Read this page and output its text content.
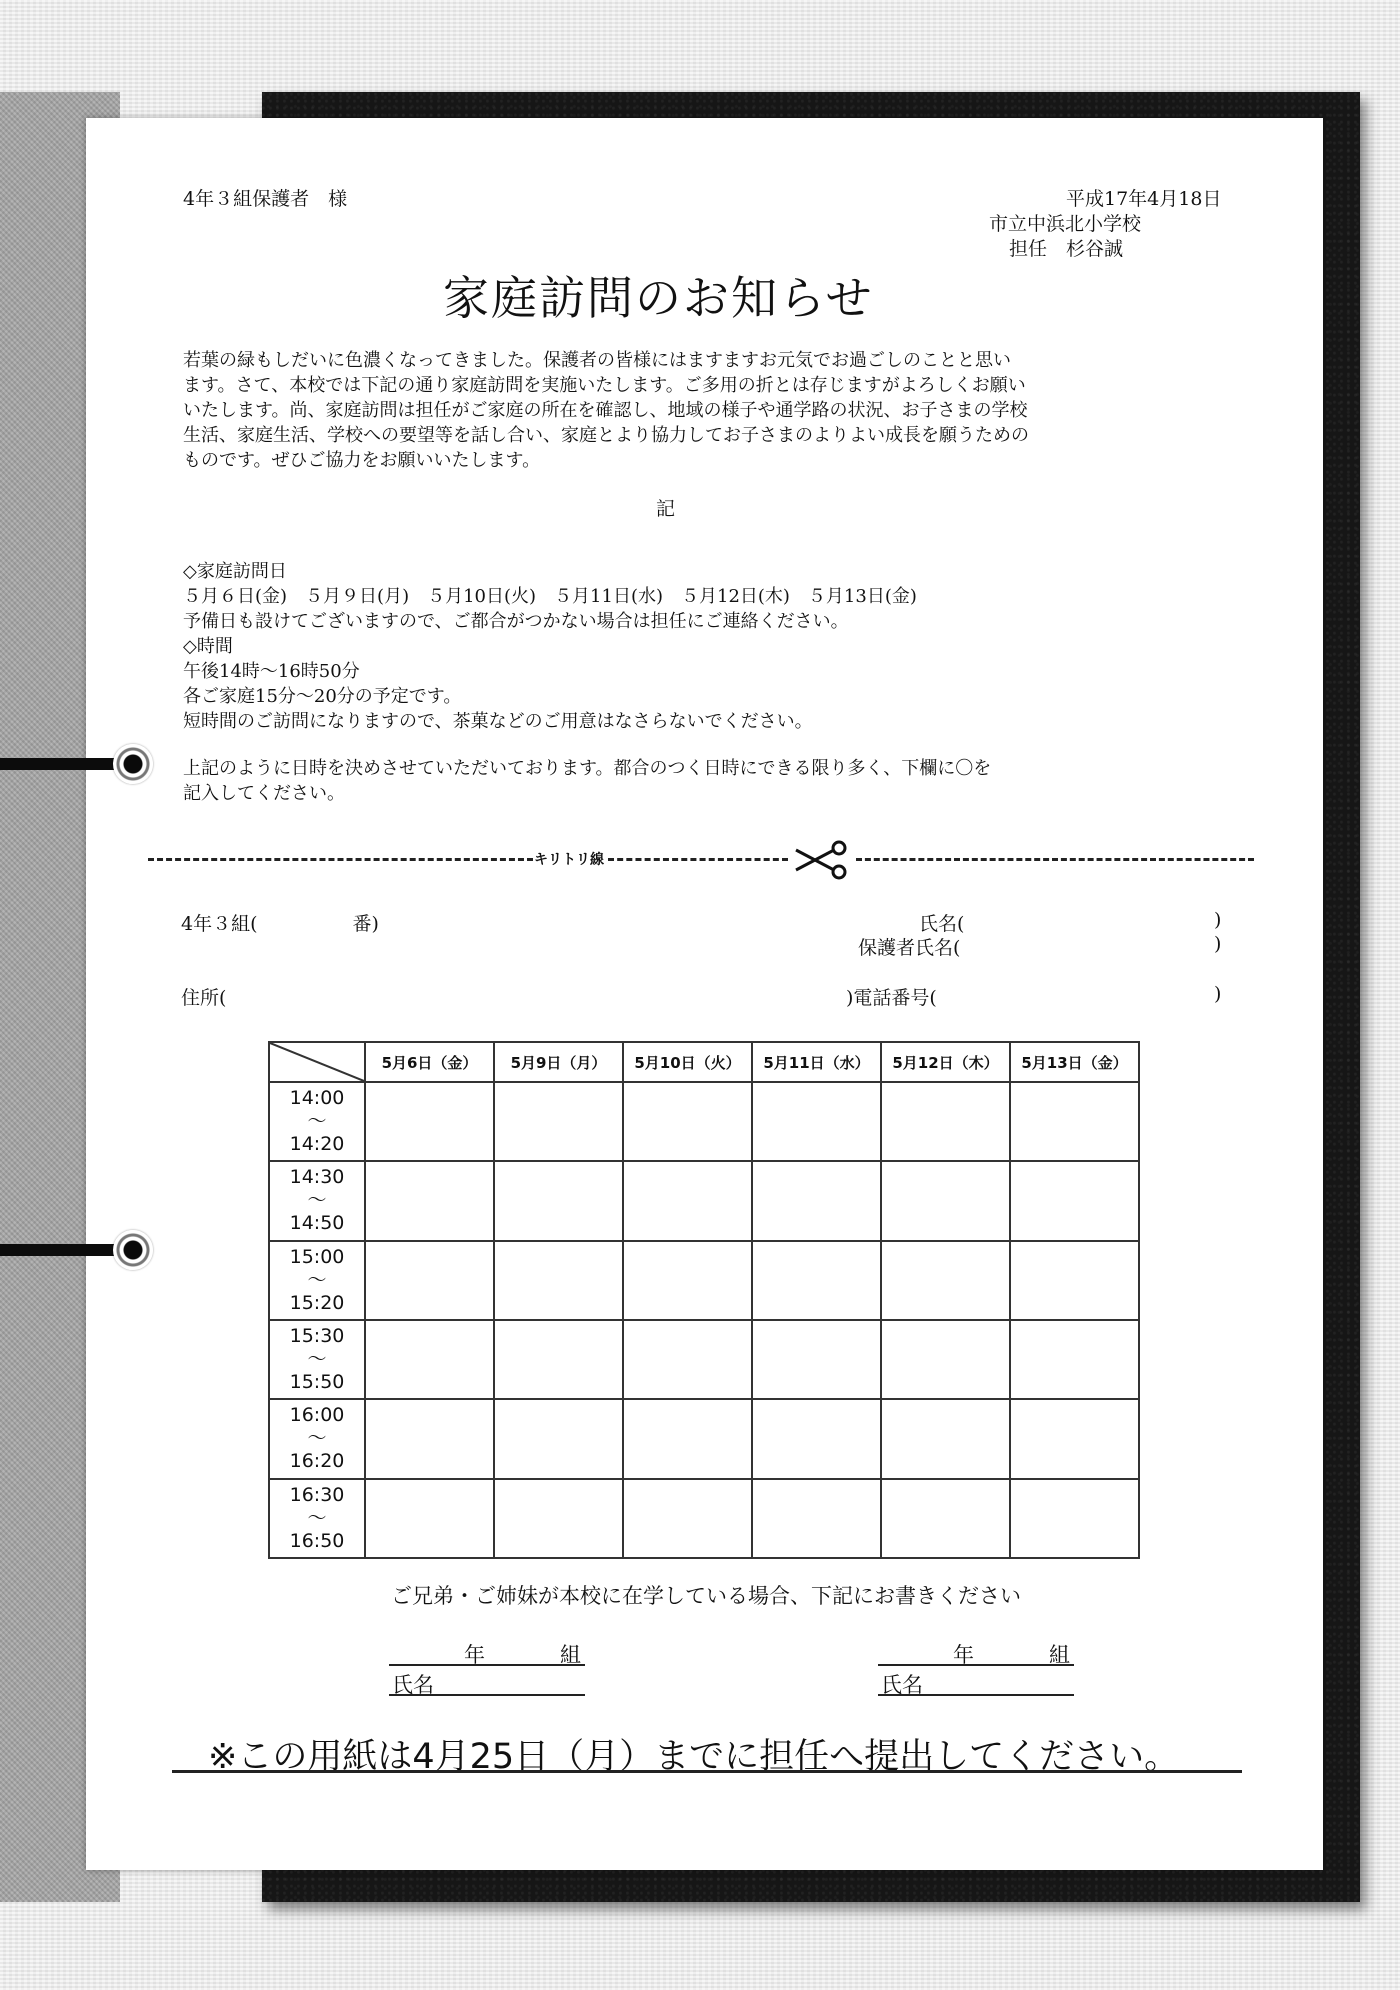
4年３組保護者　様	平成17年4月18日
市立中浜北小学校
担任　杉谷誠
家庭訪問のお知らせ
若葉の緑もしだいに色濃くなってきました。保護者の皆様にはますますお元気でお過ごしのことと思い
ます。さて、本校では下記の通り家庭訪問を実施いたします。ご多用の折とは存じますがよろしくお願い
いたします。尚、家庭訪問は担任がご家庭の所在を確認し、地域の様子や通学路の状況、お子さまの学校
生活、家庭生活、学校への要望等を話し合い、家庭とより協力してお子さまのよりよい成長を願うための
ものです。ぜひご協力をお願いいたします。
記
◇家庭訪問日
５月６日(金)　５月９日(月)　５月10日(火)　５月11日(水)　５月12日(木)　５月13日(金)
予備日も設けてございますので、ご都合がつかない場合は担任にご連絡ください。
◇時間
午後14時～16時50分
各ご家庭15分～20分の予定です。
短時間のご訪問になりますので、茶菓などのご用意はなさらないでください。
上記のように日時を決めさせていただいております。都合のつく日時にできる限り多く、下欄に〇を
記入してください。
キリトリ線
4年３組(　　　　　番)	氏名(	)
保護者氏名(	)
住所(	)電話番号(	)
	5月6日（金）	5月9日（月）	5月10日（火）	5月11日（水）	5月12日（木）	5月13日（金）

14:00
～
14:20						

14:30
～
14:50						

15:00
～
15:20						

15:30
～
15:50						

16:00
～
16:20						

16:30
～
16:50						

ご兄弟・ご姉妹が本校に在学している場合、下記にお書きください
年	組
氏名
年	組
氏名
※この用紙は4月25日（月）までに担任へ提出してください。
